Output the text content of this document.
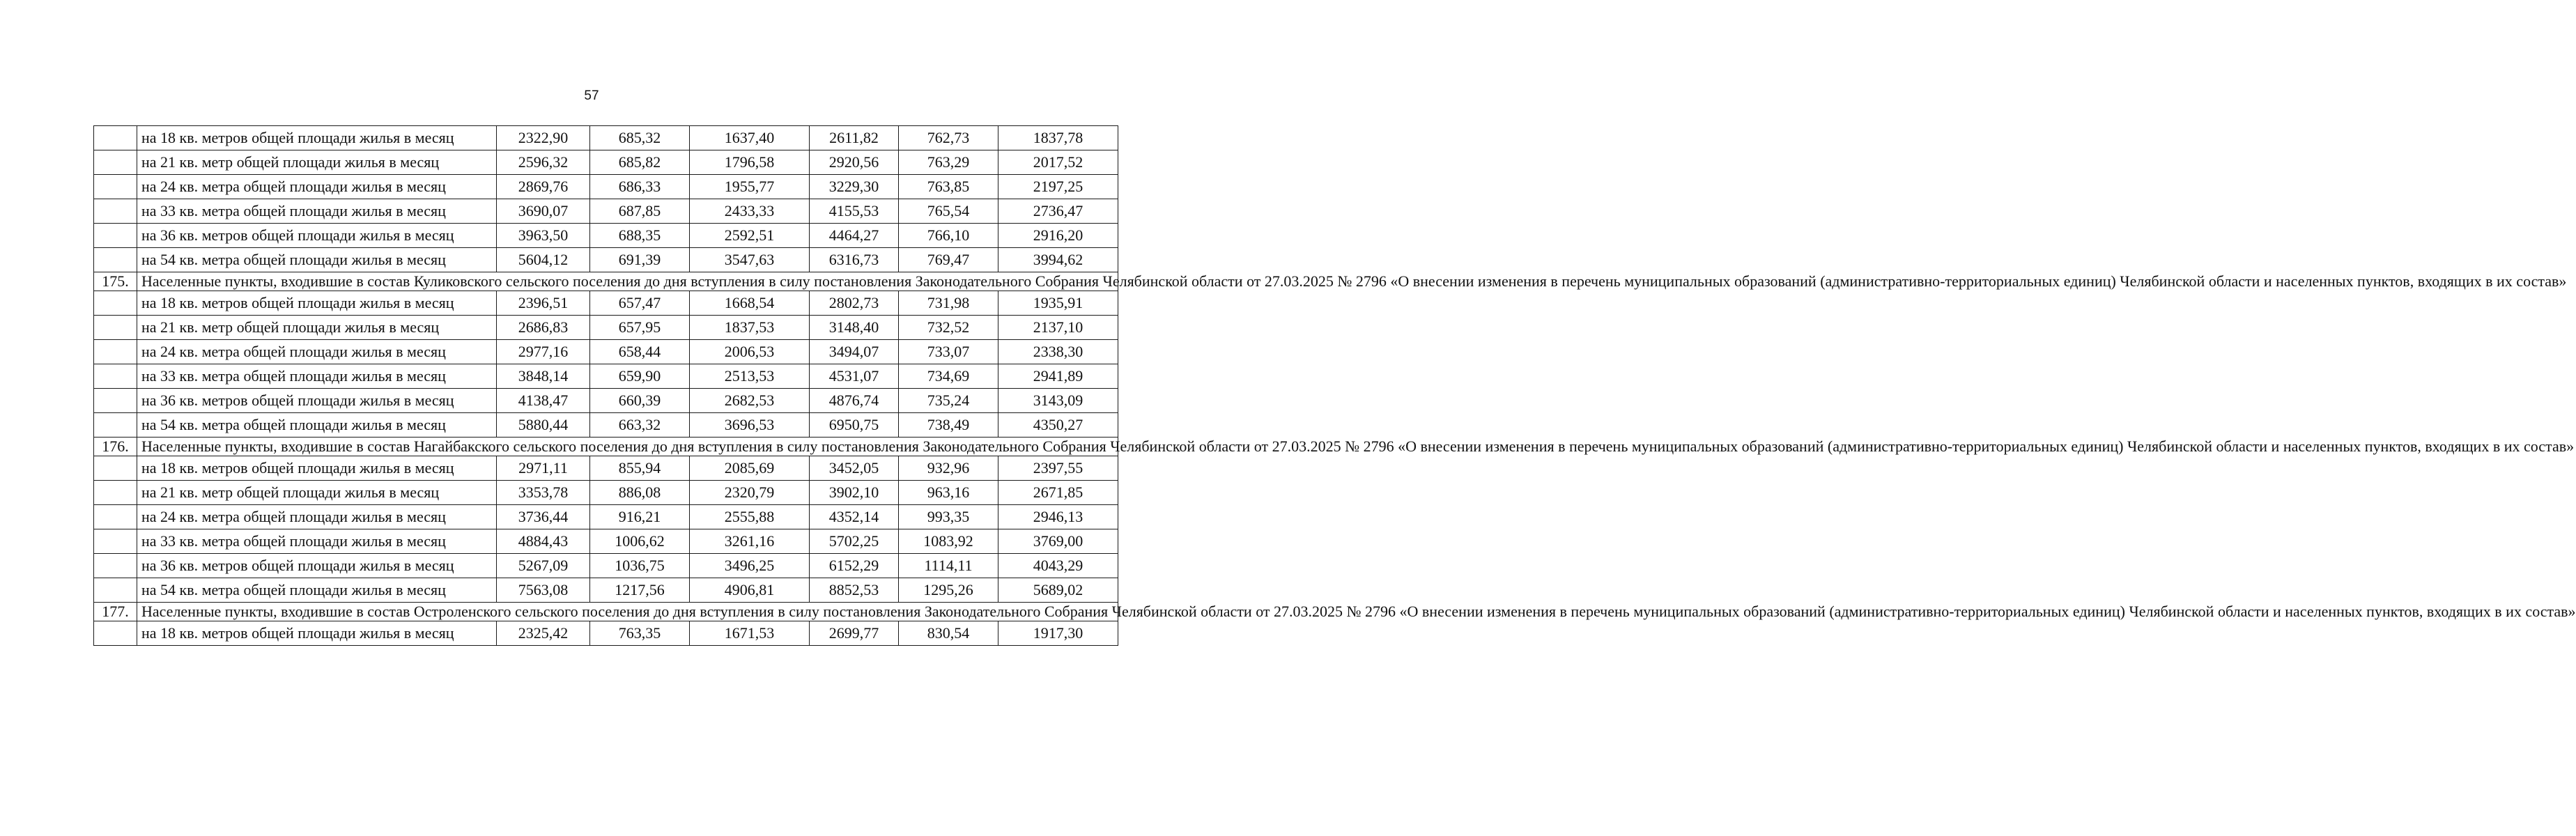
57
	на 18 кв. метров общей площади жилья в месяц	2322,90	685,32	1637,40	2611,82	762,73	1837,78
	на 21 кв. метр общей площади жилья в месяц	2596,32	685,82	1796,58	2920,56	763,29	2017,52
	на 24 кв. метра общей площади жилья в месяц	2869,76	686,33	1955,77	3229,30	763,85	2197,25
	на 33 кв. метра общей площади жилья в месяц	3690,07	687,85	2433,33	4155,53	765,54	2736,47
	на 36 кв. метров общей площади жилья в месяц	3963,50	688,35	2592,51	4464,27	766,10	2916,20
	на 54 кв. метра общей площади жилья в месяц	5604,12	691,39	3547,63	6316,73	769,47	3994,62
175.	Населенные пункты, входившие в состав Куликовского сельского поселения до дня вступления в силу постановления Законодательного Собрания Челябинской области от 27.03.2025 № 2796 «О внесении изменения в перечень муниципальных образований (административно-территориальных единиц) Челябинской области и населенных пунктов, входящих в их состав»						
	на 18 кв. метров общей площади жилья в месяц	2396,51	657,47	1668,54	2802,73	731,98	1935,91
	на 21 кв. метр общей площади жилья в месяц	2686,83	657,95	1837,53	3148,40	732,52	2137,10
	на 24 кв. метра общей площади жилья в месяц	2977,16	658,44	2006,53	3494,07	733,07	2338,30
	на 33 кв. метра общей площади жилья в месяц	3848,14	659,90	2513,53	4531,07	734,69	2941,89
	на 36 кв. метров общей площади жилья в месяц	4138,47	660,39	2682,53	4876,74	735,24	3143,09
	на 54 кв. метра общей площади жилья в месяц	5880,44	663,32	3696,53	6950,75	738,49	4350,27
176.	Населенные пункты, входившие в состав Нагайбакского сельского поселения до дня вступления в силу постановления Законодательного Собрания Челябинской области от 27.03.2025 № 2796 «О внесении изменения в перечень муниципальных образований (административно-территориальных единиц) Челябинской области и населенных пунктов, входящих в их состав»						
	на 18 кв. метров общей площади жилья в месяц	2971,11	855,94	2085,69	3452,05	932,96	2397,55
	на 21 кв. метр общей площади жилья в месяц	3353,78	886,08	2320,79	3902,10	963,16	2671,85
	на 24 кв. метра общей площади жилья в месяц	3736,44	916,21	2555,88	4352,14	993,35	2946,13
	на 33 кв. метра общей площади жилья в месяц	4884,43	1006,62	3261,16	5702,25	1083,92	3769,00
	на 36 кв. метров общей площади жилья в месяц	5267,09	1036,75	3496,25	6152,29	1114,11	4043,29
	на 54 кв. метра общей площади жилья в месяц	7563,08	1217,56	4906,81	8852,53	1295,26	5689,02
177.	Населенные пункты, входившие в состав Остроленского сельского поселения до дня вступления в силу постановления Законодательного Собрания Челябинской области от 27.03.2025 № 2796 «О внесении изменения в перечень муниципальных образований (административно-территориальных единиц) Челябинской области и населенных пунктов, входящих в их состав»						
	на 18 кв. метров общей площади жилья в месяц	2325,42	763,35	1671,53	2699,77	830,54	1917,30
